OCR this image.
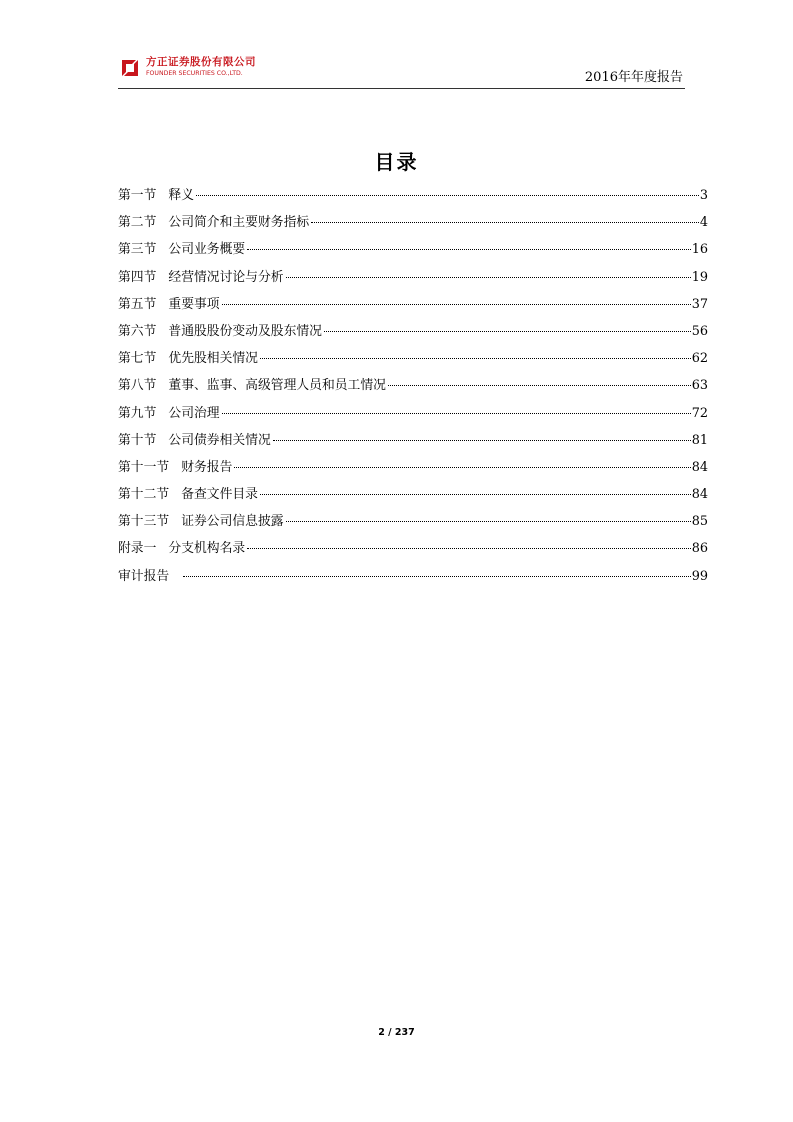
方正证券股份有限公司
FOUNDER SECURITIES CO.,LTD.	2016年年度报告
目录
第一节 释义	3
第二节 公司简介和主要财务指标	4
第三节 公司业务概要	16
第四节 经营情况讨论与分析	19
第五节 重要事项	37
第六节 普通股股份变动及股东情况	56
第七节 优先股相关情况	62
第八节 董事、监事、高级管理人员和员工情况	63
第九节 公司治理	72
第十节 公司债券相关情况	81
第十一节 财务报告	84
第十二节 备查文件目录	84
第十三节 证券公司信息披露	85
附录一 分支机构名录	86
审计报告	99
2 / 237
